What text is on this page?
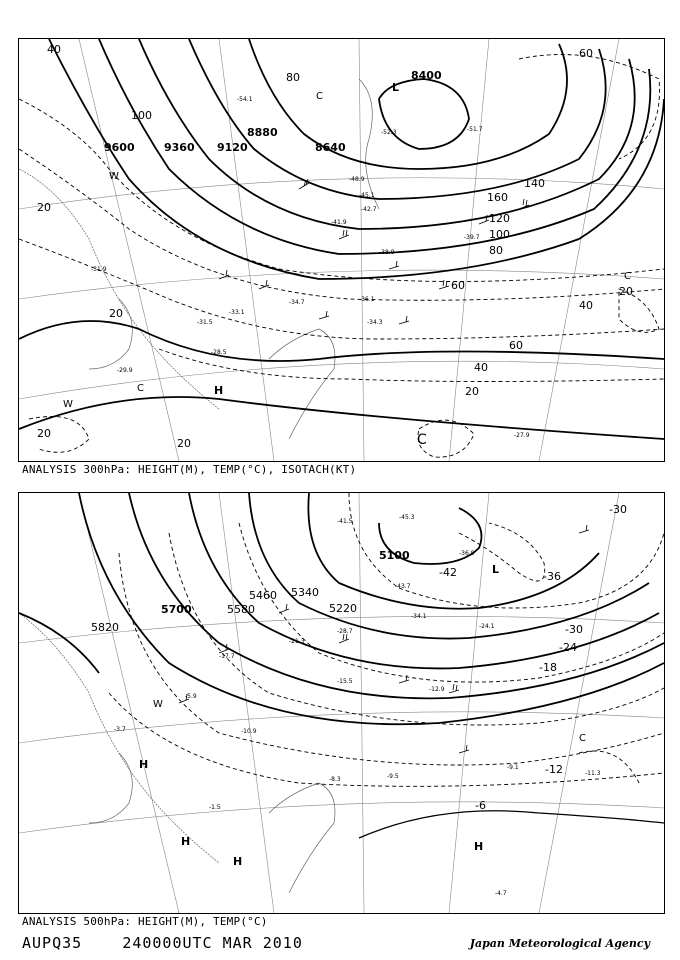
9600	9360 9120
8880
8640
8400
40
100
80
60
20
140
160
120
100
80
60
40
20
20
40
60
20
20
20
-54.1
-52.3	-51.7
-48.9
-45.1
-42.7
-41.9
-39.7
-38.9
-36.1
-34.7
-34.3
-33.1
-31.9
-31.5
-28.5
-29.9
-27.9
L
H
C
C
C
C
W
W
ANALYSIS 300hPa: HEIGHT(M), TEMP(°C), ISOTACH(KT)
5820
5700	5580
5460 5340
5220
5100
-42	-36
-30
-24
-18
-12
-6
-30
-45.3
-43.7
-41.5
-36.9
-34.1
-28.7
-24.1
-21.3
-17.7
-15.5
-12.9
-10.9
-9.5
-8.3
-5.9
-3.7
-1.5
-9.1
-11.3
-4.7
L
H
H
H
H
C
W
ANALYSIS 500hPa: HEIGHT(M), TEMP(°C)
AUPQ35	240000UTC MAR 2010	Japan Meteorological Agency
